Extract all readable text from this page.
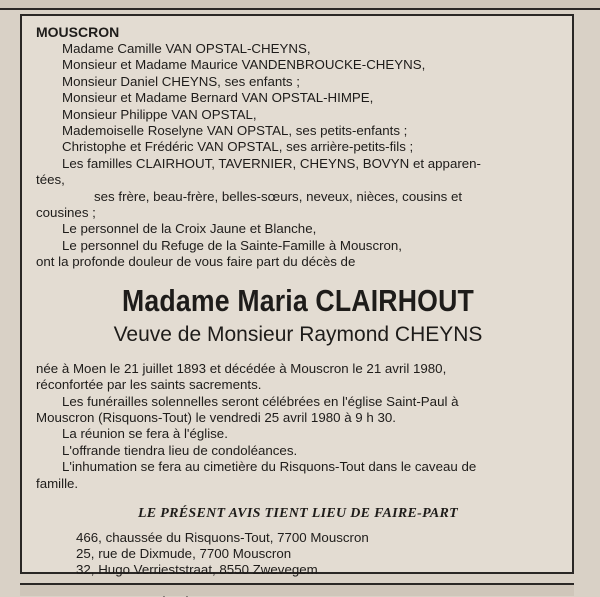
MOUSCRON

Madame Camille VAN OPSTAL-CHEYNS,

Monsieur et Madame Maurice VANDENBROUCKE-CHEYNS,

Monsieur Daniel CHEYNS, ses enfants ;

Monsieur et Madame Bernard VAN OPSTAL-HIMPE,

Monsieur Philippe VAN OPSTAL,

Mademoiselle Roselyne VAN OPSTAL, ses petits-enfants ;

Christophe et Frédéric VAN OPSTAL, ses arrière-petits-fils ;

Les familles CLAIRHOUT, TAVERNIER, CHEYNS, BOVYN et apparen-

tées,

ses frère, beau-frère, belles-sœurs, neveux, nièces, cousins et

cousines ;

Le personnel de la Croix Jaune et Blanche,

Le personnel du Refuge de la Sainte-Famille à Mouscron,

ont la profonde douleur de vous faire part du décès de

Madame Maria CLAIRHOUT
Veuve de Monsieur Raymond CHEYNS

née à Moen le 21 juillet 1893 et décédée à Mouscron le 21 avril 1980,

réconfortée par les saints sacrements.

Les funérailles solennelles seront célébrées en l'église Saint-Paul à

Mouscron (Risquons-Tout) le vendredi 25 avril 1980 à 9 h 30.

La réunion se fera à l'église.

L'offrande tiendra lieu de condoléances.

L'inhumation se fera au cimetière du Risquons-Tout dans le caveau de

famille.

LE PRÉSENT AVIS TIENT LIEU DE FAIRE-PART

466, chaussée du Risquons-Tout, 7700 Mouscron

25, rue de Dixmude, 7700 Mouscron

32, Hugo Verrieststraat, 8550 Zwevegem
